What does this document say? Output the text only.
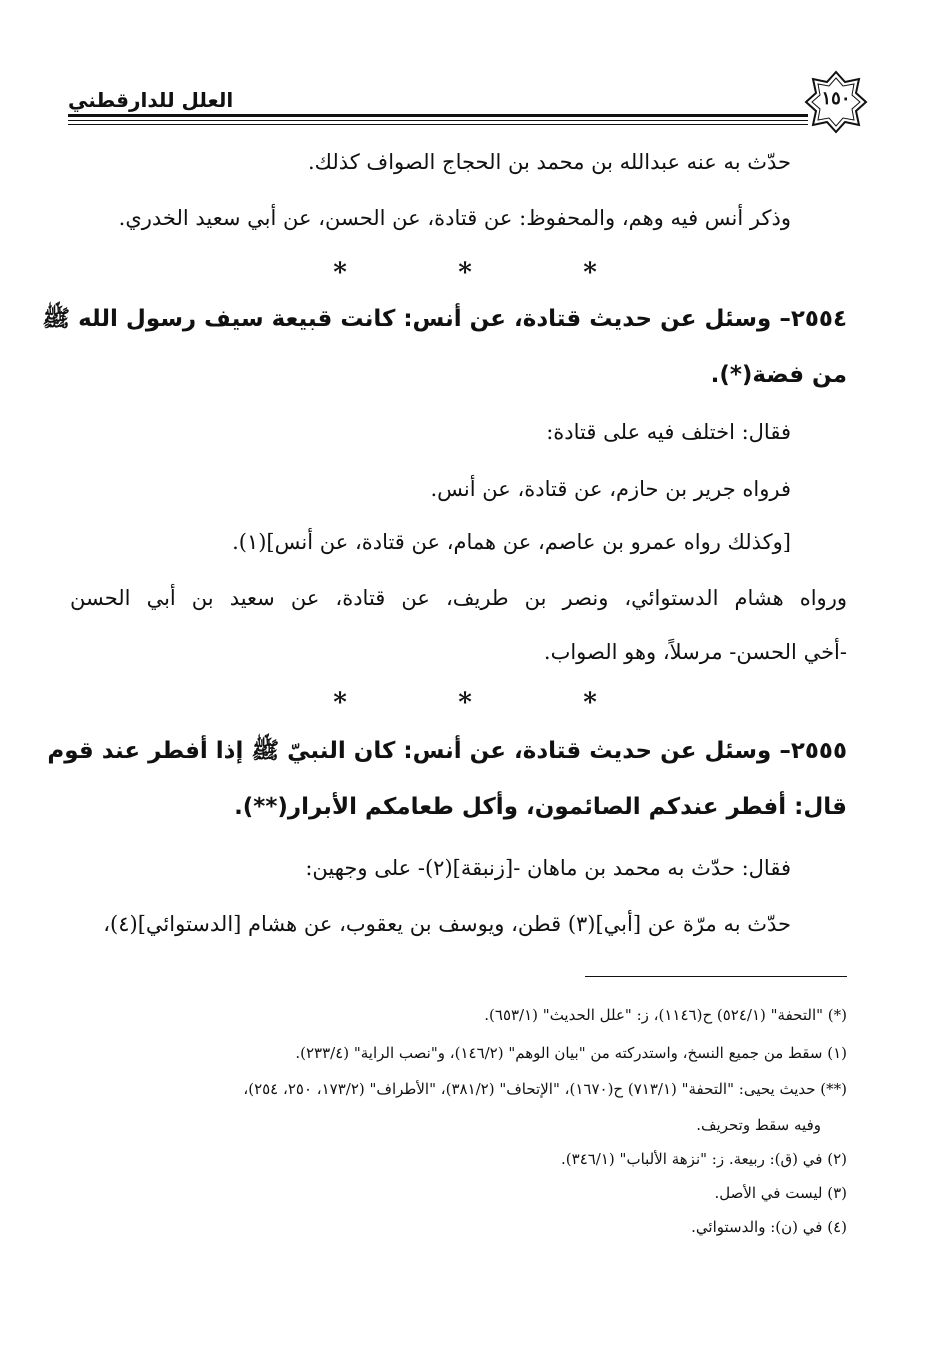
العلل للدارقطني	١٥٠
حدّث به عنه عبدالله بن محمد بن الحجاج الصواف كذلك.
وذكر أنس فيه وهم، والمحفوظ: عن قتادة، عن الحسن، عن أبي سعيد الخدري.
*
*
*
٢٥٥٤– وسئل عن حديث قتادة، عن أنس: كانت قبيعة سيف رسول الله ﷺ
من فضة(*).
فقال: اختلف فيه على قتادة:
فرواه جرير بن حازم، عن قتادة، عن أنس.
[وكذلك رواه عمرو بن عاصم، عن همام، عن قتادة، عن أنس](١).
ورواه هشام الدستوائي، ونصر بن طريف، عن قتادة، عن سعيد بن أبي الحسن
-أخي الحسن- مرسلاً، وهو الصواب.
*
*
*
٢٥٥٥– وسئل عن حديث قتادة، عن أنس: كان النبيّ ﷺ إذا أفطر عند قوم
قال: أفطر عندكم الصائمون، وأكل طعامكم الأبرار(**).
فقال: حدّث به محمد بن ماهان -[زنبقة](٢)- على وجهين:
حدّث به مرّة عن [أبي](٣) قطن، ويوسف بن يعقوب، عن هشام [الدستوائي](٤)،
(*) "التحفة" (٥٢٤/١) ح(١١٤٦)، ز: "علل الحديث" (٦٥٣/١).
(١) سقط من جميع النسخ، واستدركته من "بيان الوهم" (١٤٦/٢)، و"نصب الراية" (٢٣٣/٤).
(**) حديث يحيى: "التحفة" (٧١٣/١) ح(١٦٧٠)، "الإتحاف" (٣٨١/٢)، "الأطراف" (١٧٣/٢، ٢٥٠، ٢٥٤)،
وفيه سقط وتحريف.
(٢) في (ق): ربيعة. ز: "نزهة الألباب" (٣٤٦/١).
(٣) ليست في الأصل.
(٤) في (ن): والدستوائي.
